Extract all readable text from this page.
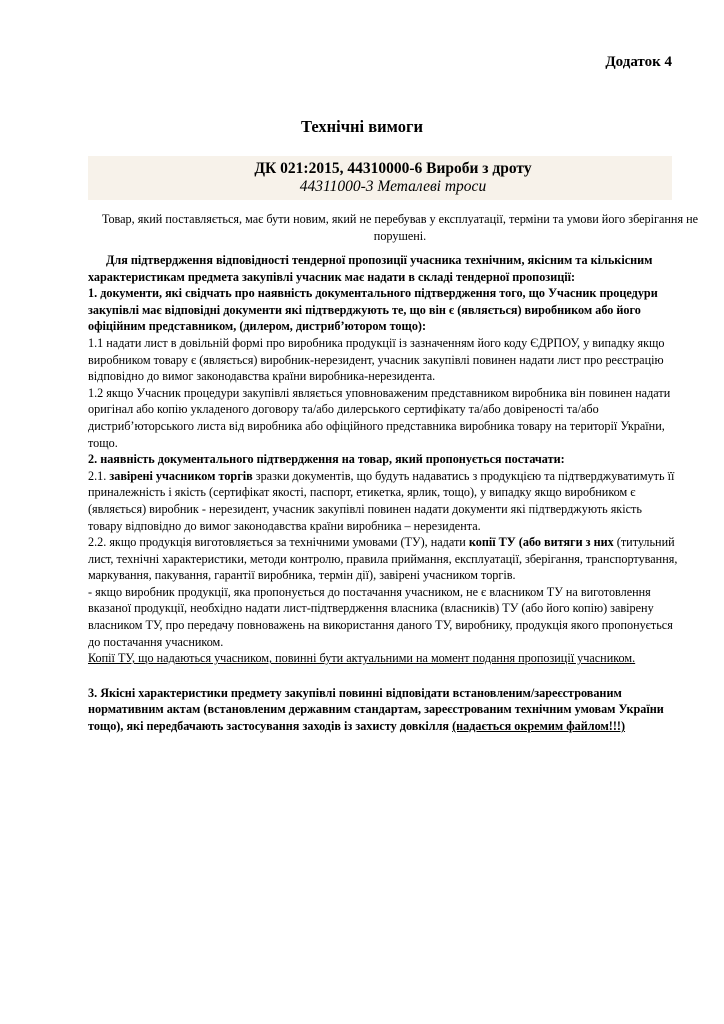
Додаток 4
Технічні вимоги
ДК 021:2015, 44310000-6 Вироби з дроту
44311000-3 Металеві троси
Товар, який поставляється, має бути новим, який не перебував у експлуатації, терміни та умови його зберігання не порушені.

Для підтвердження відповідності тендерної пропозиції учасника технічним, якісним та кількісним характеристикам предмета закупівлі учасник має надати в складі тендерної пропозиції:

1. документи, які свідчать про наявність документального підтвердження того, що Учасник процедури закупівлі має відповідні документи які підтверджують те, що він є (являється) виробником або його офіційним представником, (дилером, дистриб’ютором тощо):

1.1 надати лист в довільній формі про виробника продукції із зазначенням його коду ЄДРПОУ, у випадку якщо виробником товару є (являється) виробник-нерезидент, учасник закупівлі повинен надати лист про реєстрацію відповідно до вимог законодавства країни виробника-нерезидента.

1.2 якщо Учасник процедури закупівлі являється уповноваженим представником виробника він повинен надати оригінал або копію укладеного договору та/або дилерського сертифікату та/або довіреності та/або дистриб’юторського листа від виробника або офіційного представника виробника товару на території України, тощо.

2. наявність документального підтвердження на товар, який пропонується постачати:

2.1. завірені учасником торгів зразки документів, що будуть надаватись з продукцією та підтверджуватимуть її приналежність і якість (сертифікат якості, паспорт, етикетка, ярлик, тощо), у випадку якщо виробником є (являється) виробник - нерезидент, учасник закупівлі повинен надати документи які підтверджують якість товару відповідно до вимог законодавства країни виробника – нерезидента.

2.2. якщо продукція виготовляється за технічними умовами (ТУ), надати копії ТУ (або витяги з них (титульний лист, технічні характеристики, методи контролю, правила приймання, експлуатації, зберігання, транспортування, маркування, пакування, гарантії виробника, термін дії), завірені учасником торгів.

- якщо виробник продукції, яка пропонується до постачання учасником, не є власником ТУ на виготовлення вказаної продукції, необхідно надати лист-підтвердження власника (власників) ТУ (або його копію) завірену власником ТУ, про передачу повноважень на використання даного ТУ, виробнику, продукція якого пропонується до постачання учасником.

Копії ТУ, що надаються учасником, повинні бути актуальними на момент подання пропозиції учасником.

3. Якісні характеристики предмету закупівлі повинні відповідати встановленим/зареєстрованим нормативним актам (встановленим державним стандартам, зареєстрованим технічним умовам України тощо), які передбачають застосування заходів із захисту довкілля (надається окремим файлом!!!)
